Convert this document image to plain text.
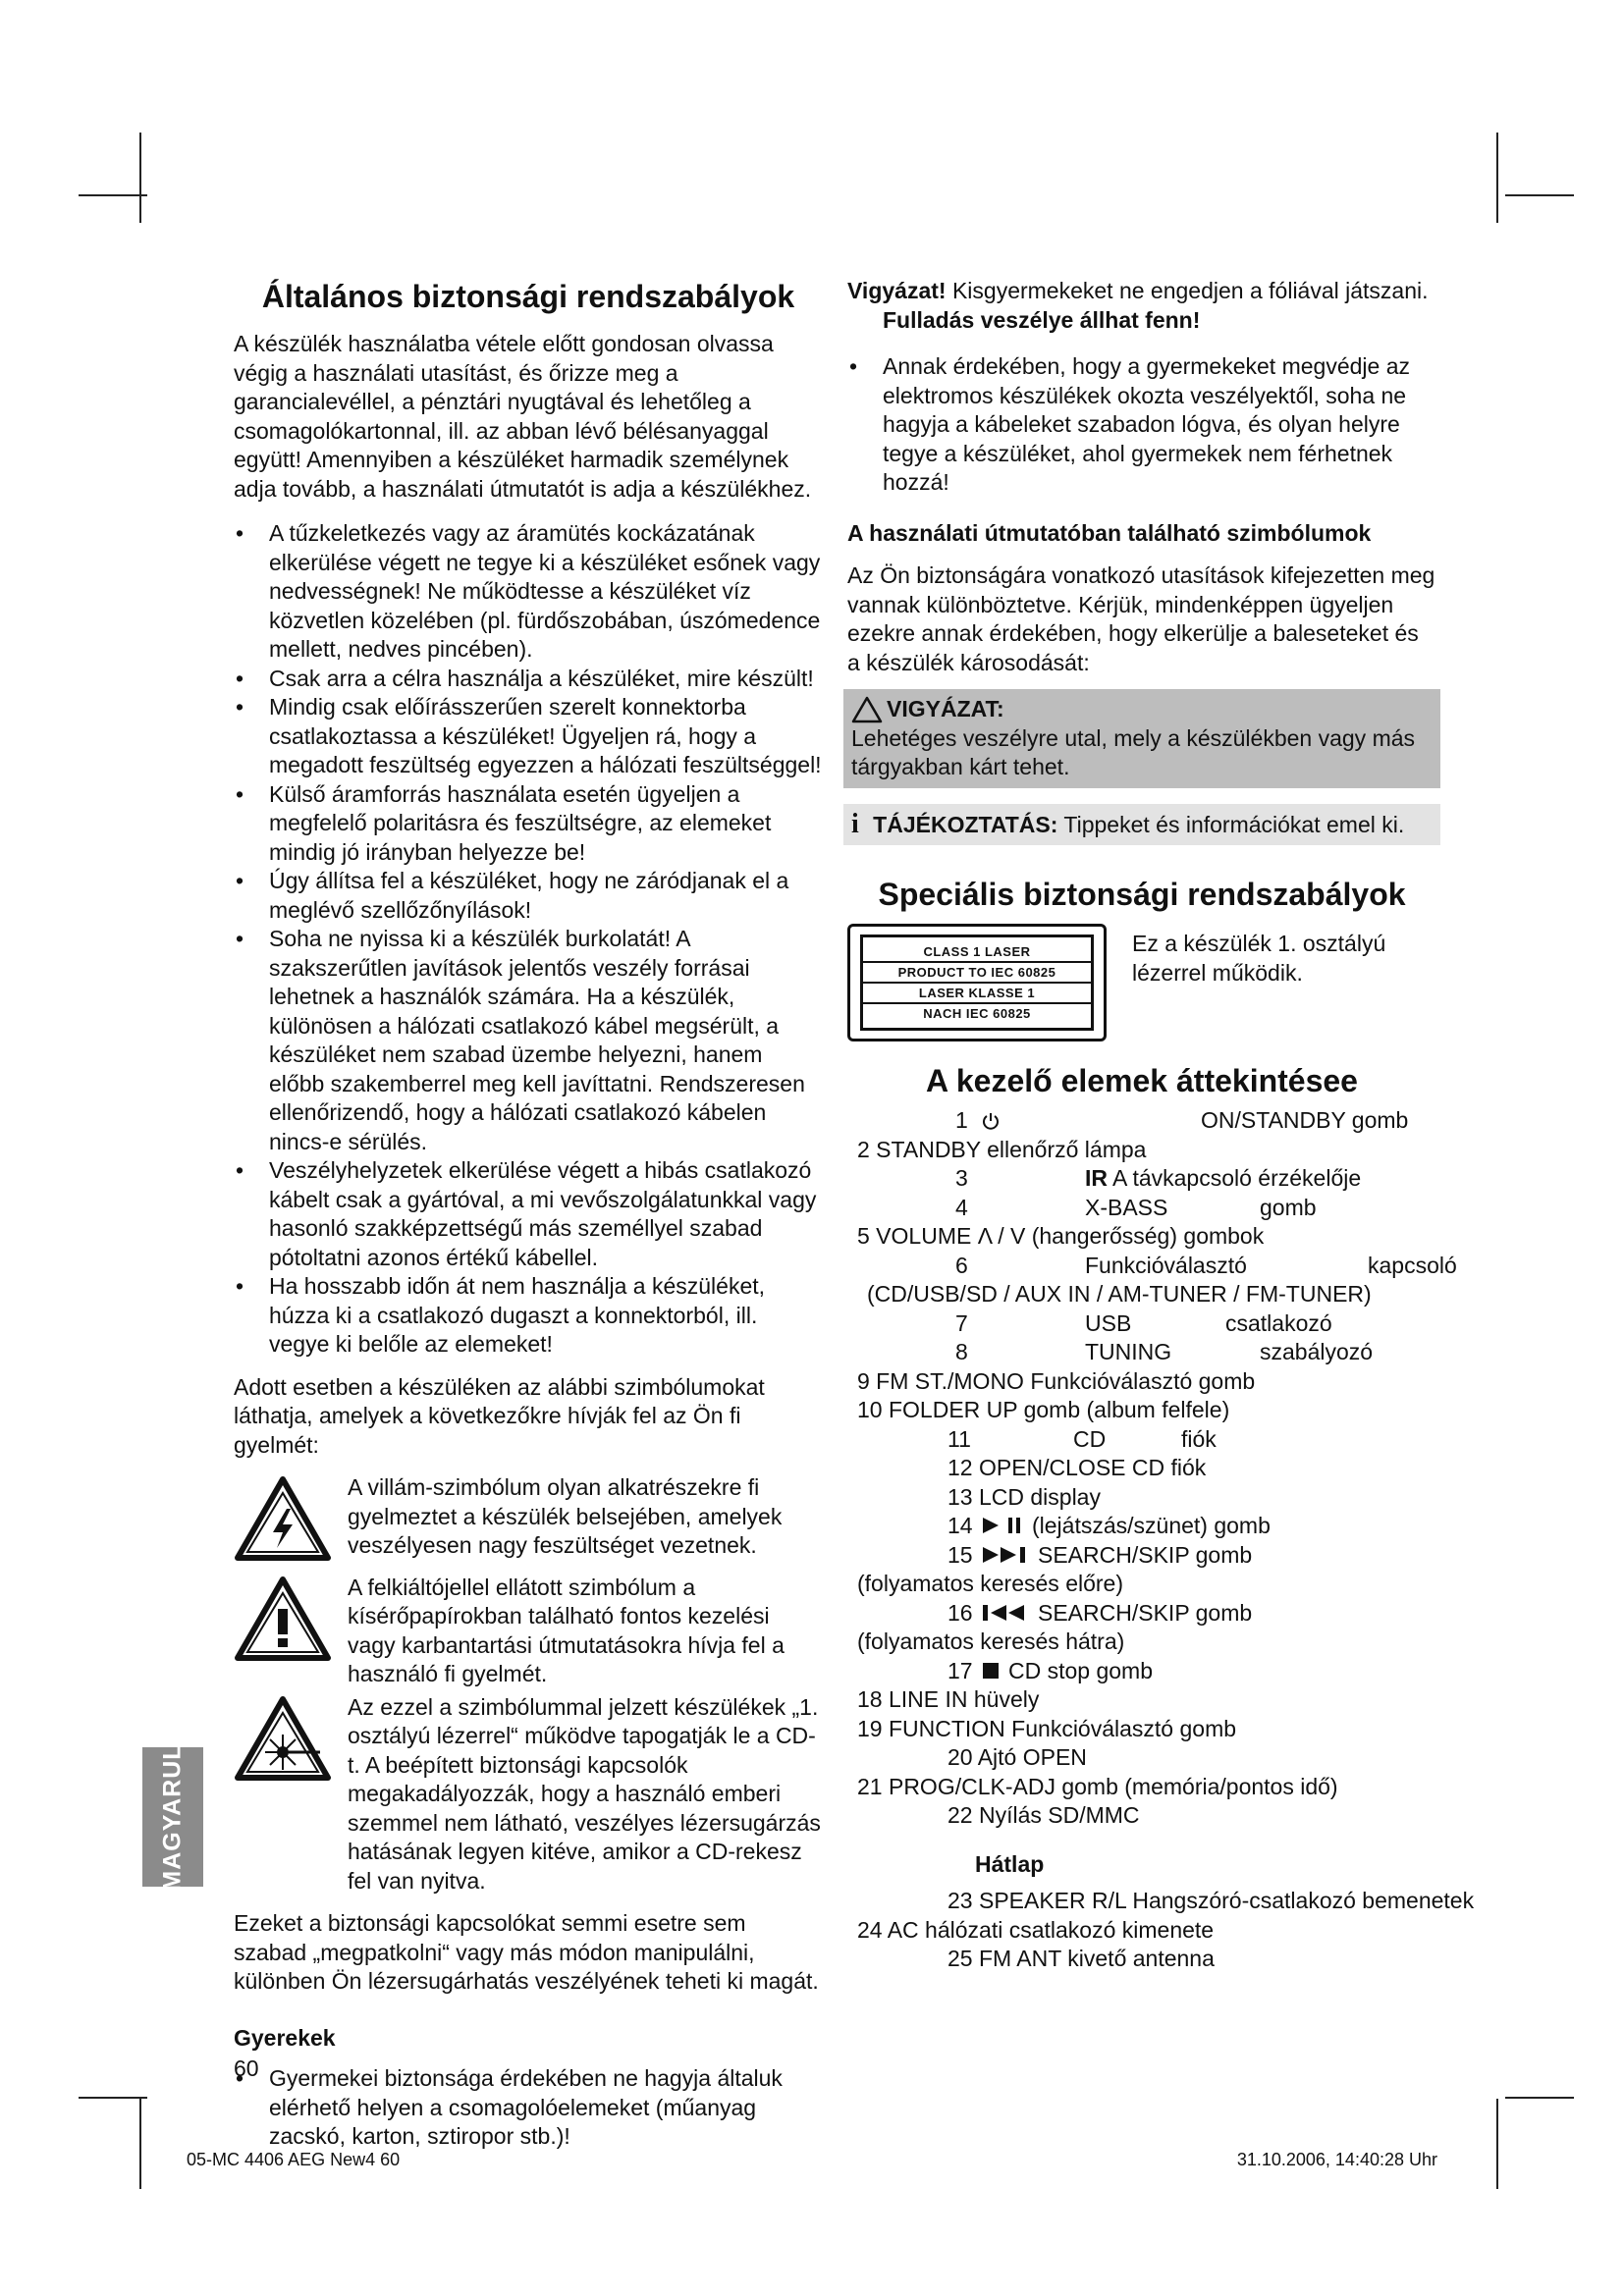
Általános biztonsági rendszabályok

A készülék használatba vétele előtt gondosan olvassa végig a használati utasítást, és őrizze meg a garancialevéllel, a pénztári nyugtával és lehetőleg a csomagolókartonnal, ill. az abban lévő bélésanyaggal együtt! Amennyiben a készüléket harmadik személynek adja tovább, a használati útmutatót is adja a készülékhez.

• A tűzkeletkezés vagy az áramütés kockázatának elkerülése végett ne tegye ki a készüléket esőnek vagy nedvességnek! Ne működtesse a készüléket víz közvetlen közelében (pl. fürdőszobában, úszómedence mellett, nedves pincében).
• Csak arra a célra használja a készüléket, mire készült!
• Mindig csak előírásszerűen szerelt konnektorba csatlakoztassa a készüléket! Ügyeljen rá, hogy a megadott feszültség egyezzen a hálózati feszültséggel!
• Külső áramforrás használata esetén ügyeljen a megfelelő polaritásra és feszültségre, az elemeket mindig jó irányban helyezze be!
• Úgy állítsa fel a készüléket, hogy ne záródjanak el a meglévő szellőzőnyílások!
• Soha ne nyissa ki a készülék burkolatát! A szakszerűtlen javítások jelentős veszély forrásai lehetnek a használók számára. Ha a készülék, különösen a hálózati csatlakozó kábel megsérült, a készüléket nem szabad üzembe helyezni, hanem előbb szakemberrel meg kell javíttatni. Rendszeresen ellenőrizendő, hogy a hálózati csatlakozó kábelen nincs-e sérülés.
• Veszélyhelyzetek elkerülése végett a hibás csatlakozó kábelt csak a gyártóval, a mi vevőszolgálatunkkal vagy hasonló szakképzettségű más személlyel szabad pótoltatni azonos értékű kábellel.
• Ha hosszabb időn át nem használja a készüléket, húzza ki a csatlakozó dugaszt a konnektorból, ill. vegye ki belőle az elemeket!

Adott esetben a készüléken az alábbi szimbólumokat láthatja, amelyek a következőkre hívják fel az Ön fi gyelmét:

A villám-szimbólum olyan alkatrészekre fi gyelmeztet a készülék belsejében, amelyek veszélyesen nagy feszültséget vezetnek.
A felkiáltójellel ellátott szimbólum a kísérőpapírokban található fontos kezelési vagy karbantartási útmutatásokra hívja fel a használó fi gyelmét.
Az ezzel a szimbólummal jelzett készülékek „1. osztályú lézerrel“ működve tapogatják le a CD-t. A beépített biztonsági kapcsolók megakadályozzák, hogy a használó emberi szemmel nem látható, veszélyes lézersugárzás hatásának legyen kitéve, amikor a CD-rekesz fel van nyitva.

Ezeket a biztonsági kapcsolókat semmi esetre sem szabad „megpatkolni“ vagy más módon manipulálni, különben Ön lézersugárhatás veszélyének teheti ki magát.

Gyerekek
• Gyermekei biztonsága érdekében ne hagyja általuk elérhető helyen a csomagolóelemeket (műanyag zacskó, karton, sztiropor stb.)!
60
MAGYARUL
Vigyázat! Kisgyermekeket ne engedjen a fóliával játszani.
Fulladás veszélye állhat fenn!
• Annak érdekében, hogy a gyermekeket megvédje az elektromos készülékek okozta veszélyektől, soha ne hagyja a kábeleket szabadon lógva, és olyan helyre tegye a készüléket, ahol gyermekek nem férhetnek hozzá!
A használati útmutatóban található szimbólumok

Az Ön biztonságára vonatkozó utasítások kifejezetten meg vannak különböztetve. Kérjük, mindenképpen ügyeljen ezekre annak érdekében, hogy elkerülje a baleseteket és a készülék károsodását:

VIGYÁZAT:
Lehetéges veszélyre utal, mely a készülékben vagy más tárgyakban kárt tehet.
i TÁJÉKOZTATÁS: Tippeket és információkat emel ki.
Speciális biztonsági rendszabályok
CLASS 1 LASER
PRODUCT TO IEC 60825
LASER KLASSE 1
NACH IEC 60825
Ez a készülék 1. osztályú lézerrel működik.
A kezelő elemek áttekintésee
1	ON/STANDBY gomb
2 STANDBY ellenőrző lámpa
3	IR A távkapcsoló érzékelője
4	X-BASS	gomb
5 VOLUME Λ / V (hangerősség) gombok
6	Funkcióválasztó	kapcsoló
(CD/USB/SD / AUX IN / AM-TUNER / FM-TUNER)
7	USB	csatlakozó
8	TUNING	szabályozó
9 FM ST./MONO Funkcióválasztó gomb
10 FOLDER UP gomb (album felfele)
11	CD	fiók
12 OPEN/CLOSE CD fiók
13 LCD display
14	(lejátszás/szünet) gomb
15	SEARCH/SKIP gomb
(folyamatos keresés előre)
16	SEARCH/SKIP gomb
(folyamatos keresés hátra)
17 CD stop gomb
18 LINE IN hüvely
19 FUNCTION Funkcióválasztó gomb
20 Ajtó OPEN
21 PROG/CLK-ADJ gomb (memória/pontos idő)
22 Nyílás SD/MMC
Hátlap
23 SPEAKER R/L Hangszóró-csatlakozó bemenetek
24 AC hálózati csatlakozó kimenete
25 FM ANT kivető antenna
05-MC 4406 AEG New4 60	31.10.2006, 14:40:28 Uhr
